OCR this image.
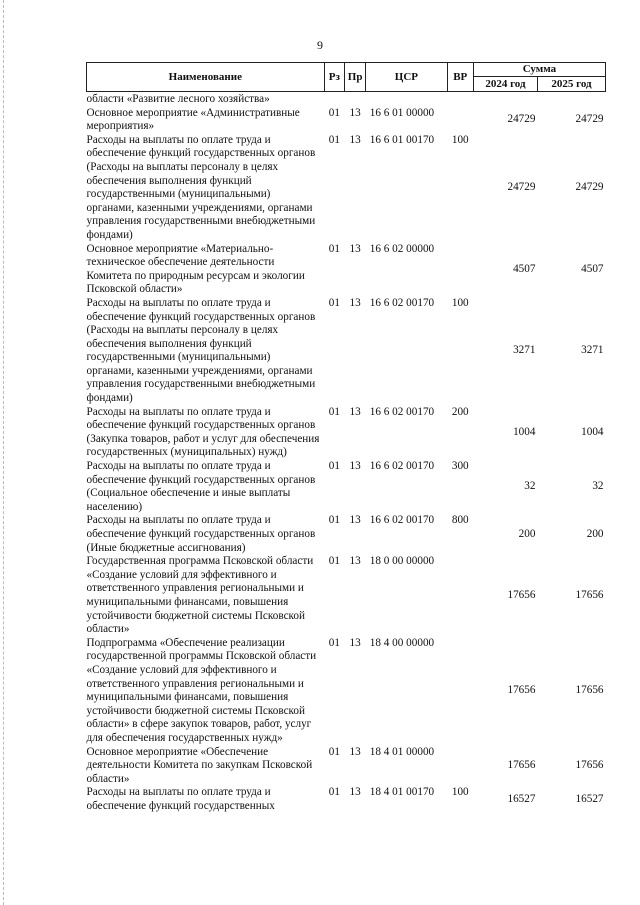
9
Наименование	Рз	Пр	ЦСР	ВР	Сумма	
					2024 год	2025 год
области «Развитие лесного хозяйства»						
Основное мероприятие «Административные мероприятия»	01	13	16 6 01 00000		24729	24729
Расходы на выплаты по оплате труда и обеспечение функций государственных органов (Расходы на выплаты персоналу в целях обеспечения выполнения функций государственными (муниципальными) органами, казенными учреждениями, органами управления государственными внебюджетными фондами)	01	13	16 6 01 00170	100	24729	24729
Основное мероприятие «Материально-техническое обеспечение деятельности Комитета по природным ресурсам и экологии Псковской области»	01	13	16 6 02 00000		4507	4507
Расходы на выплаты по оплате труда и обеспечение функций государственных органов (Расходы на выплаты персоналу в целях обеспечения выполнения функций государственными (муниципальными) органами, казенными учреждениями, органами управления государственными внебюджетными фондами)	01	13	16 6 02 00170	100	3271	3271
Расходы на выплаты по оплате труда и обеспечение функций государственных органов (Закупка товаров, работ и услуг для обеспечения государственных (муниципальных) нужд)	01	13	16 6 02 00170	200	1004	1004
Расходы на выплаты по оплате труда и обеспечение функций государственных органов (Социальное обеспечение и иные выплаты населению)	01	13	16 6 02 00170	300	32	32
Расходы на выплаты по оплате труда и обеспечение функций государственных органов (Иные бюджетные ассигнования)	01	13	16 6 02 00170	800	200	200
Государственная программа Псковской области «Создание условий для эффективного и ответственного управления региональными и муниципальными финансами, повышения устойчивости бюджетной системы Псковской области»	01	13	18 0 00 00000		17656	17656
Подпрограмма «Обеспечение реализации государственной программы Псковской области «Создание условий для эффективного и ответственного управления региональными и муниципальными финансами, повышения устойчивости бюджетной системы Псковской области» в сфере закупок товаров, работ, услуг для обеспечения государственных нужд»	01	13	18 4 00 00000		17656	17656
Основное мероприятие «Обеспечение деятельности Комитета по закупкам Псковской области»	01	13	18 4 01 00000		17656	17656
Расходы на выплаты по оплате труда и обеспечение функций государственных	01	13	18 4 01 00170	100	16527	16527
